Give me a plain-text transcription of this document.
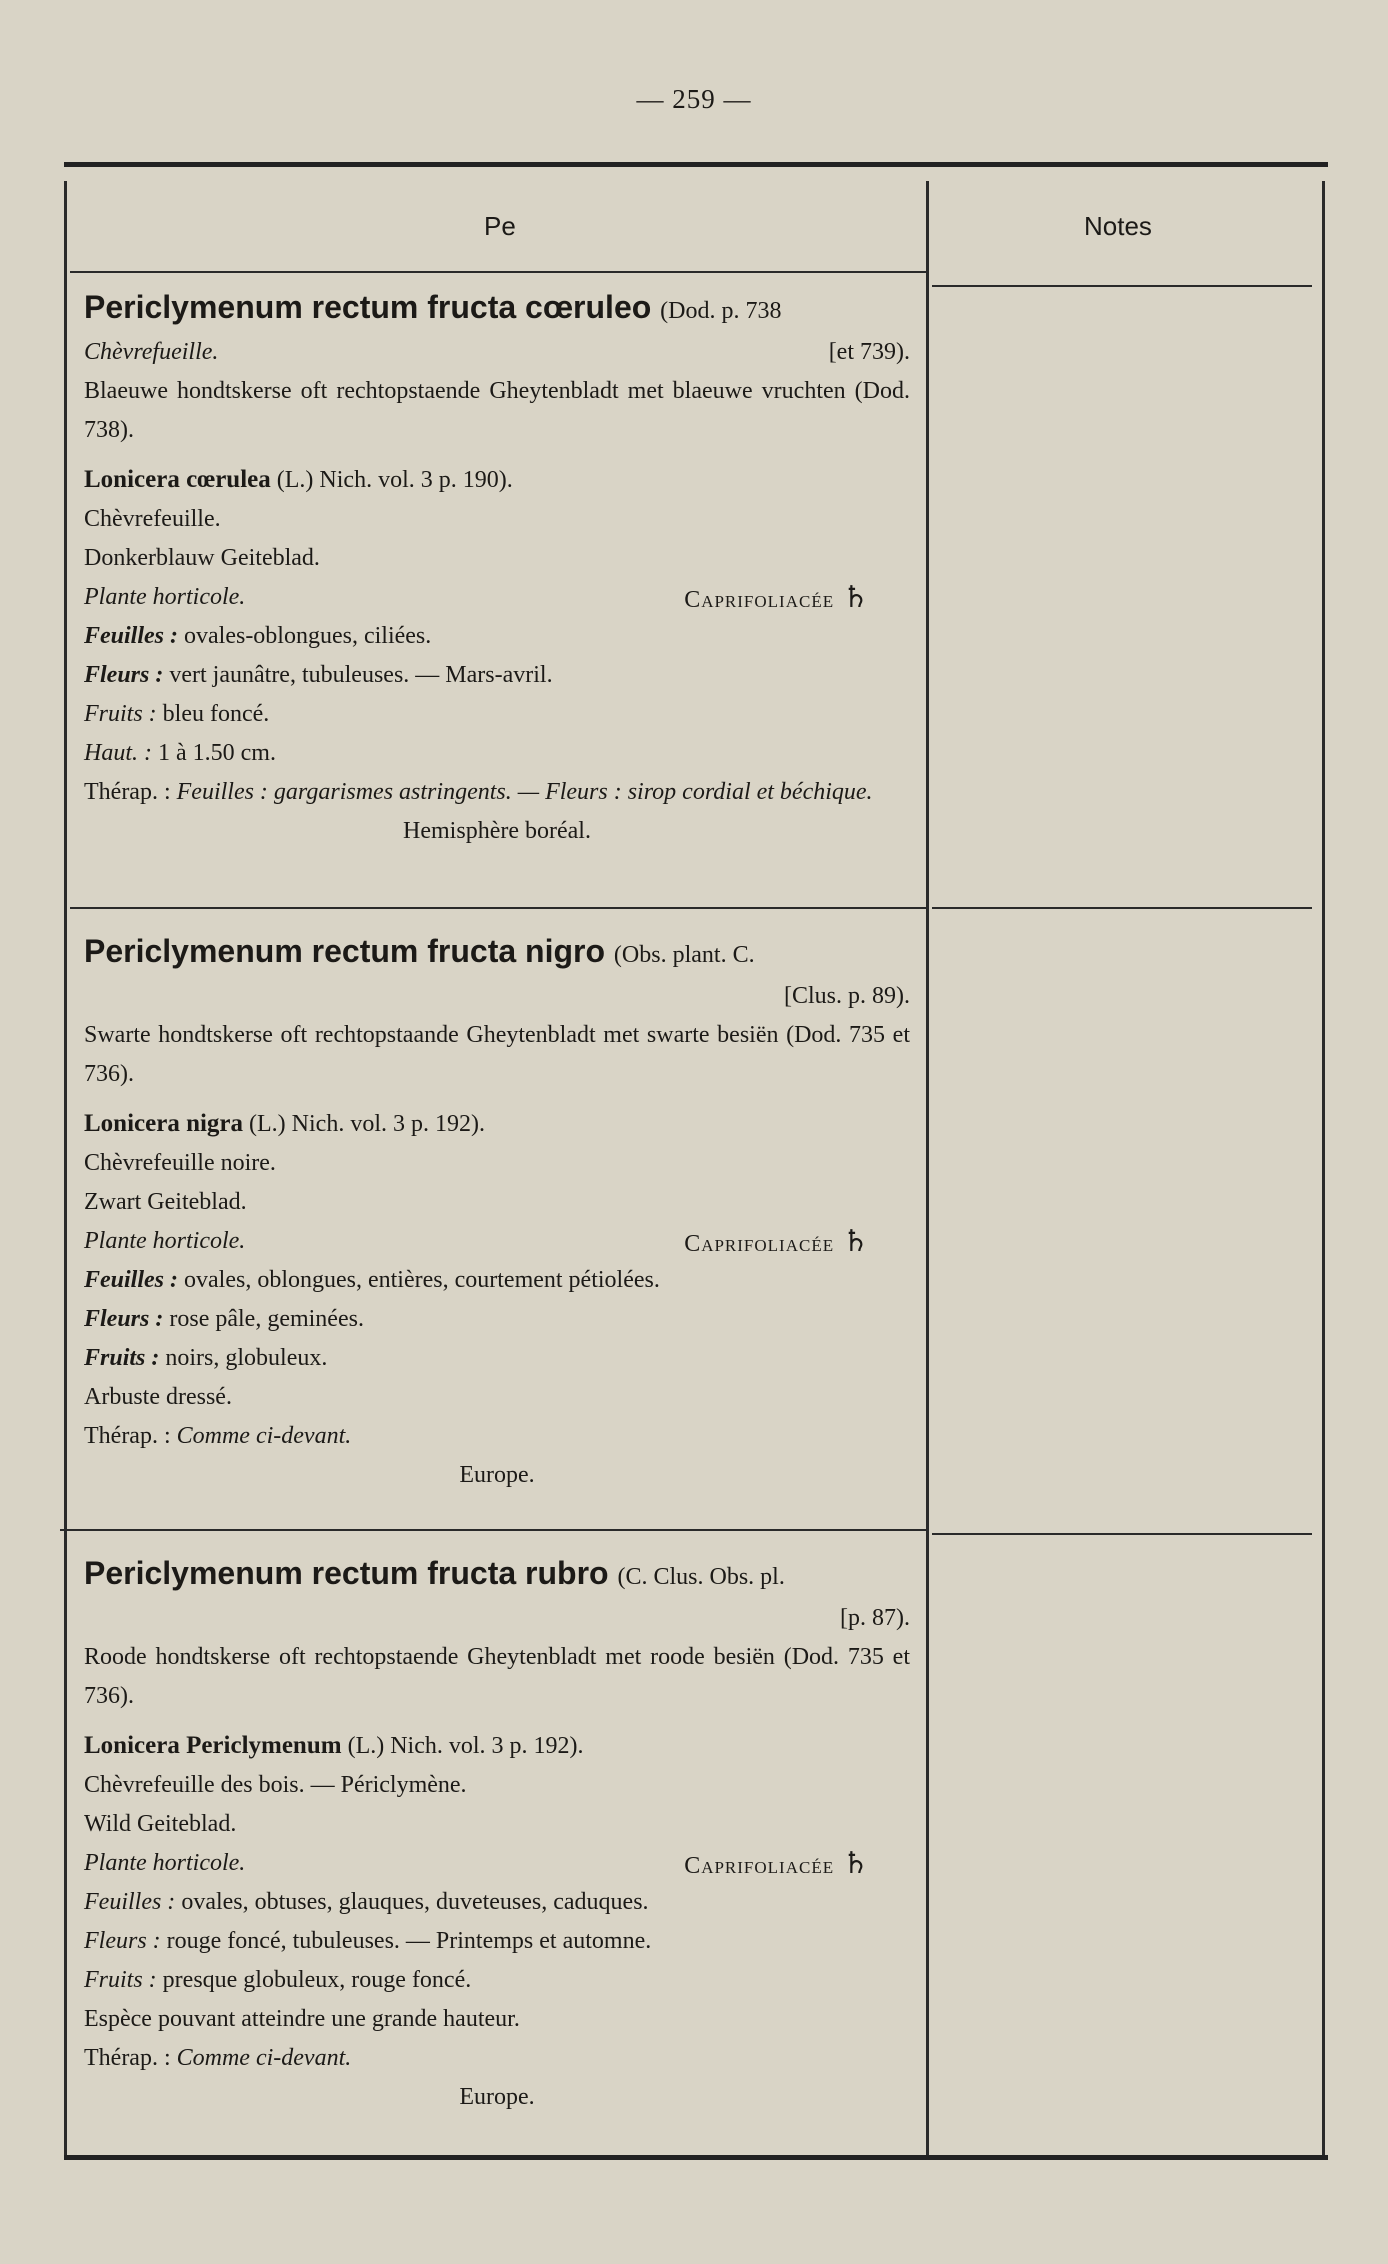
— 259 —
Pe	Notes
Periclymenum rectum fructa cœruleo (Dod. p. 738
Chèvrefueille.	[et 739).
Blaeuwe hondtskerse oft rechtopstaende Gheytenbladt met blaeuwe vruchten (Dod. 738).
Lonicera cœrulea (L.) Nich. vol. 3 p. 190).
Chèvrefeuille.
Donkerblauw Geiteblad.
Plante horticole.	Caprifoliacée ♄
Feuilles : ovales-oblongues, ciliées.
Fleurs : vert jaunâtre, tubuleuses. — Mars-avril.
Fruits : bleu foncé.
Haut. : 1 à 1.50 cm.
Thérap. : Feuilles : gargarismes astringents. — Fleurs : sirop cordial et béchique.
Hemisphère boréal.
Periclymenum rectum fructa nigro (Obs. plant. C.
[Clus. p. 89).
Swarte hondtskerse oft rechtopstaande Gheytenbladt met swarte besiën (Dod. 735 et 736).
Lonicera nigra (L.) Nich. vol. 3 p. 192).
Chèvrefeuille noire.
Zwart Geiteblad.
Plante horticole.	Caprifoliacée ♄
Feuilles : ovales, oblongues, entières, courtement pétiolées.
Fleurs : rose pâle, geminées.
Fruits : noirs, globuleux.
Arbuste dressé.
Thérap. : Comme ci-devant.
Europe.
Periclymenum rectum fructa rubro (C. Clus. Obs. pl.
[p. 87).
Roode hondtskerse oft rechtopstaende Gheytenbladt met roode besiën (Dod. 735 et 736).
Lonicera Periclymenum (L.) Nich. vol. 3 p. 192).
Chèvrefeuille des bois. — Périclymène.
Wild Geiteblad.
Plante horticole.	Caprifoliacée ♄
Feuilles : ovales, obtuses, glauques, duveteuses, caduques.
Fleurs : rouge foncé, tubuleuses. — Printemps et automne.
Fruits : presque globuleux, rouge foncé.
Espèce pouvant atteindre une grande hauteur.
Thérap. : Comme ci-devant.
Europe.
